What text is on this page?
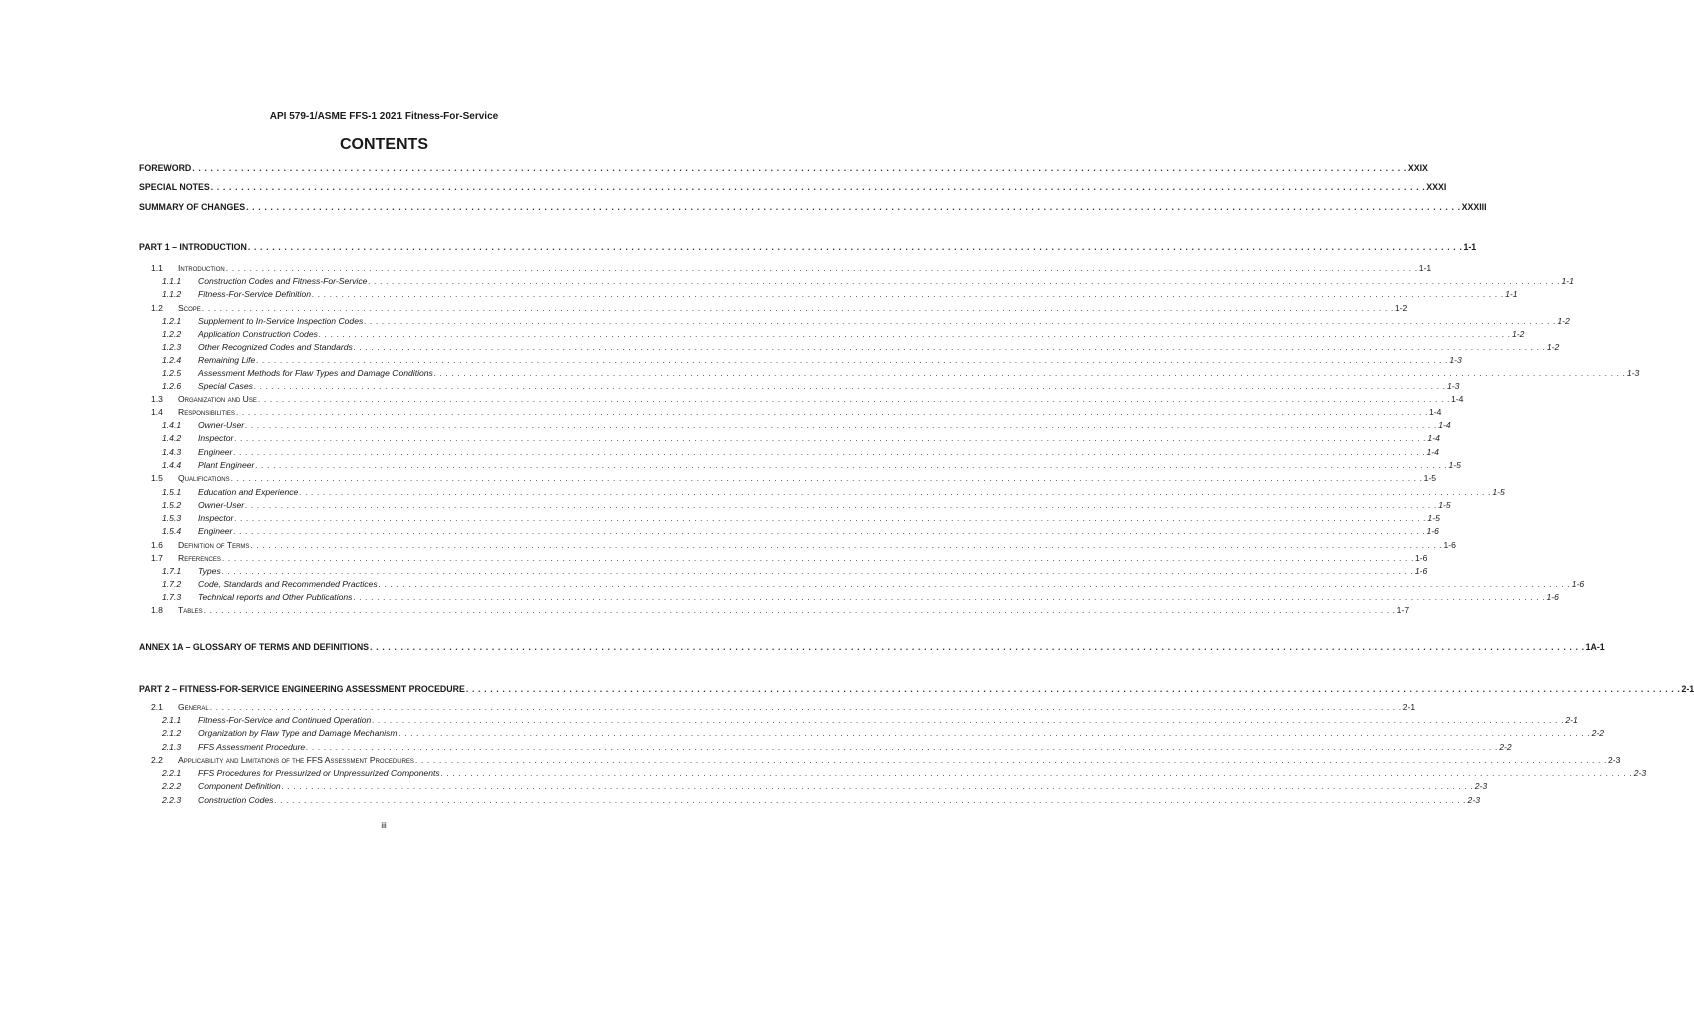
API 579-1/ASME FFS-1 2021 Fitness-For-Service
CONTENTS
FOREWORD . . . . . . . . . . . . . . . . . . . . . . . . . . . . . . . . . . . . . . . . . . . . . . . . . . . . . . . . . . . . . . . . . . . . . . . . . . . . . . . . . . . . . . . . . . . . . . . . . . . . . . . . . . . . . . . . . . . . . . . . . . . . . . . . . . . . . . . . . . . . . . . . . . . . . . . . . . . . . . . . . . . . . . . . . . . . . . . . . . . . . . . . . . . . . . . . . . . . . . . . XXIX
SPECIAL NOTES . . . . . . . . . . . . . . . . . . . . . . . . . . . . . . . . . . . . . . . . . . . . . . . . . . . . . . . . . . . . . . . . . . . . . . . . . . . . . . . . . . . . . . . . . . . . . . . . . . . . . . . . . . . . . . . . . . . . . . . . . . . . . . . . . . . . . . . . . . . . . . . . . . . . . . . . . . . . . . . . . . . . . . . . . . . . . . . . . . . . . . . . . . . . . . . . . . . . . . . . XXXI
SUMMARY OF CHANGES . . . . . . . . . . . . . . . . . . . . . . . . . . . . . . . . . . . . . . . . . . . . . . . . . . . . . . . . . . . . . . . . . . . . . . . . . . . . . . . . . . . . . . . . . . . . . . . . . . . . . . . . . . . . . . . . . . . . . . . . . . . . . . . . . . . . . . . . . . . . . . . . . . . . . . . . . . . . . . . . . . . . . . . . . . . . . . . . . . . . . . . . . . . . . . . . . . . . . . . . XXXIII
PART 1 – INTRODUCTION . . . . . . . . . . . . . . . . . . . . . . . . . . . . . . . . . . . . . . . . . . . . . . . . . . . . . . . . . . . . . . . . . . . . . . . . . . . . . . . . . . . . . . . . . . . . . . . . . . . . . . . . . . . . . . . . . . . . . . . . . . . . . . . . . . . . . . . . . . . . . . . . . . . . . . . . . . . . . . . . . . . . . . . . . . . . . . . . . . . . . . . . . . . . . . . . . . . . . . . . 1-1
1.1 Introduction . . . . . . . . . . . . . . . . . . . . . . . . . . . . . . . . . . . . . . . . . . . . . . . . . . . . . . . . . . . . . . . . . . . . . . . . . . . . . . . . . . . . . . . . . . . . . . . . . . . . . . . . . . . . . . . . . . . . . . . . . . . . . . . . . . . . . . . . . . . . . . . . . . . . . . . . . . . . . . . . . . . . . . . . . . . . . . . . . . . . . . . . . . . . . . . . . . . . . . . . 1-1
1.1.1 Construction Codes and Fitness-For-Service . . . . . . . . . . . . . . . . . . . . . . . . . . . . . . . . . . . . . . . . . . . . . . . . . . . . . . . . . . . . . . . . . . . . . . . . . . . . . . . . . . . . . . . . . . . . . . . . . . . . . . . . . . . . . . . . . . . . . . . . . . . . . . . . . . . . . . . . . . . . . . . . . . . . . . . . . . . . . . . . . . . . . . . . . . . . . . . . . . . . . . . . . . . . . . . . . . . . . . . . 1-1
1.1.2 Fitness-For-Service Definition . . . . . . . . . . . . . . . . . . . . . . . . . . . . . . . . . . . . . . . . . . . . . . . . . . . . . . . . . . . . . . . . . . . . . . . . . . . . . . . . . . . . . . . . . . . . . . . . . . . . . . . . . . . . . . . . . . . . . . . . . . . . . . . . . . . . . . . . . . . . . . . . . . . . . . . . . . . . . . . . . . . . . . . . . . . . . . . . . . . . . . . . . . . . . . . . . . . . . . . . 1-1
1.2 Scope . . . . . . . . . . . . . . . . . . . . . . . . . . . . . . . . . . . . . . . . . . . . . . . . . . . . . . . . . . . . . . . . . . . . . . . . . . . . . . . . . . . . . . . . . . . . . . . . . . . . . . . . . . . . . . . . . . . . . . . . . . . . . . . . . . . . . . . . . . . . . . . . . . . . . . . . . . . . . . . . . . . . . . . . . . . . . . . . . . . . . . . . . . . . . . . . . . . . . . . . 1-2
1.2.1 Supplement to In-Service Inspection Codes . . . . . . . . . . . . . . . . . . . . . . . . . . . . . . . . . . . . . . . . . . . . . . . . . . . . . . . . . . . . . . . . . . . . . . . . . . . . . . . . . . . . . . . . . . . . . . . . . . . . . . . . . . . . . . . . . . . . . . . . . . . . . . . . . . . . . . . . . . . . . . . . . . . . . . . . . . . . . . . . . . . . . . . . . . . . . . . . . . . . . . . . . . . . . . . . . . . . . . . . 1-2
1.2.2 Application Construction Codes . . . . . . . . . . . . . . . . . . . . . . . . . . . . . . . . . . . . . . . . . . . . . . . . . . . . . . . . . . . . . . . . . . . . . . . . . . . . . . . . . . . . . . . . . . . . . . . . . . . . . . . . . . . . . . . . . . . . . . . . . . . . . . . . . . . . . . . . . . . . . . . . . . . . . . . . . . . . . . . . . . . . . . . . . . . . . . . . . . . . . . . . . . . . . . . . . . . . . . . . 1-2
1.2.3 Other Recognized Codes and Standards . . . . . . . . . . . . . . . . . . . . . . . . . . . . . . . . . . . . . . . . . . . . . . . . . . . . . . . . . . . . . . . . . . . . . . . . . . . . . . . . . . . . . . . . . . . . . . . . . . . . . . . . . . . . . . . . . . . . . . . . . . . . . . . . . . . . . . . . . . . . . . . . . . . . . . . . . . . . . . . . . . . . . . . . . . . . . . . . . . . . . . . . . . . . . . . . . . . . . . . . 1-2
1.2.4 Remaining Life . . . . . . . . . . . . . . . . . . . . . . . . . . . . . . . . . . . . . . . . . . . . . . . . . . . . . . . . . . . . . . . . . . . . . . . . . . . . . . . . . . . . . . . . . . . . . . . . . . . . . . . . . . . . . . . . . . . . . . . . . . . . . . . . . . . . . . . . . . . . . . . . . . . . . . . . . . . . . . . . . . . . . . . . . . . . . . . . . . . . . . . . . . . . . . . . . . . . . . . . 1-3
1.2.5 Assessment Methods for Flaw Types and Damage Conditions . . . . . . . . . . . . . . . . . . . . . . . . . . . . . . . . . . . . . . . . . . . . . . . . . . . . . . . . . . . . . . . . . . . . . . . . . . . . . . . . . . . . . . . . . . . . . . . . . . . . . . . . . . . . . . . . . . . . . . . . . . . . . . . . . . . . . . . . . . . . . . . . . . . . . . . . . . . . . . . . . . . . . . . . . . . . . . . . . . . . . . . . . . . . . . . . . . . . . . . . 1-3
1.2.6 Special Cases . . . . . . . . . . . . . . . . . . . . . . . . . . . . . . . . . . . . . . . . . . . . . . . . . . . . . . . . . . . . . . . . . . . . . . . . . . . . . . . . . . . . . . . . . . . . . . . . . . . . . . . . . . . . . . . . . . . . . . . . . . . . . . . . . . . . . . . . . . . . . . . . . . . . . . . . . . . . . . . . . . . . . . . . . . . . . . . . . . . . . . . . . . . . . . . . . . . . . . . . 1-3
1.3 Organization and Use . . . . . . . . . . . . . . . . . . . . . . . . . . . . . . . . . . . . . . . . . . . . . . . . . . . . . . . . . . . . . . . . . . . . . . . . . . . . . . . . . . . . . . . . . . . . . . . . . . . . . . . . . . . . . . . . . . . . . . . . . . . . . . . . . . . . . . . . . . . . . . . . . . . . . . . . . . . . . . . . . . . . . . . . . . . . . . . . . . . . . . . . . . . . . . . . . . . . . . . . 1-4
1.4 Responsibilities . . . . . . . . . . . . . . . . . . . . . . . . . . . . . . . . . . . . . . . . . . . . . . . . . . . . . . . . . . . . . . . . . . . . . . . . . . . . . . . . . . . . . . . . . . . . . . . . . . . . . . . . . . . . . . . . . . . . . . . . . . . . . . . . . . . . . . . . . . . . . . . . . . . . . . . . . . . . . . . . . . . . . . . . . . . . . . . . . . . . . . . . . . . . . . . . . . . . . . . . 1-4
1.4.1 Owner-User . . . . . . . . . . . . . . . . . . . . . . . . . . . . . . . . . . . . . . . . . . . . . . . . . . . . . . . . . . . . . . . . . . . . . . . . . . . . . . . . . . . . . . . . . . . . . . . . . . . . . . . . . . . . . . . . . . . . . . . . . . . . . . . . . . . . . . . . . . . . . . . . . . . . . . . . . . . . . . . . . . . . . . . . . . . . . . . . . . . . . . . . . . . . . . . . . . . . . . . . 1-4
1.4.2 Inspector . . . . . . . . . . . . . . . . . . . . . . . . . . . . . . . . . . . . . . . . . . . . . . . . . . . . . . . . . . . . . . . . . . . . . . . . . . . . . . . . . . . . . . . . . . . . . . . . . . . . . . . . . . . . . . . . . . . . . . . . . . . . . . . . . . . . . . . . . . . . . . . . . . . . . . . . . . . . . . . . . . . . . . . . . . . . . . . . . . . . . . . . . . . . . . . . . . . . . . . . 1-4
1.4.3 Engineer . . . . . . . . . . . . . . . . . . . . . . . . . . . . . . . . . . . . . . . . . . . . . . . . . . . . . . . . . . . . . . . . . . . . . . . . . . . . . . . . . . . . . . . . . . . . . . . . . . . . . . . . . . . . . . . . . . . . . . . . . . . . . . . . . . . . . . . . . . . . . . . . . . . . . . . . . . . . . . . . . . . . . . . . . . . . . . . . . . . . . . . . . . . . . . . . . . . . . . . . 1-4
1.4.4 Plant Engineer . . . . . . . . . . . . . . . . . . . . . . . . . . . . . . . . . . . . . . . . . . . . . . . . . . . . . . . . . . . . . . . . . . . . . . . . . . . . . . . . . . . . . . . . . . . . . . . . . . . . . . . . . . . . . . . . . . . . . . . . . . . . . . . . . . . . . . . . . . . . . . . . . . . . . . . . . . . . . . . . . . . . . . . . . . . . . . . . . . . . . . . . . . . . . . . . . . . . . . . . 1-5
1.5 Qualifications . . . . . . . . . . . . . . . . . . . . . . . . . . . . . . . . . . . . . . . . . . . . . . . . . . . . . . . . . . . . . . . . . . . . . . . . . . . . . . . . . . . . . . . . . . . . . . . . . . . . . . . . . . . . . . . . . . . . . . . . . . . . . . . . . . . . . . . . . . . . . . . . . . . . . . . . . . . . . . . . . . . . . . . . . . . . . . . . . . . . . . . . . . . . . . . . . . . . . . . . 1-5
1.5.1 Education and Experience . . . . . . . . . . . . . . . . . . . . . . . . . . . . . . . . . . . . . . . . . . . . . . . . . . . . . . . . . . . . . . . . . . . . . . . . . . . . . . . . . . . . . . . . . . . . . . . . . . . . . . . . . . . . . . . . . . . . . . . . . . . . . . . . . . . . . . . . . . . . . . . . . . . . . . . . . . . . . . . . . . . . . . . . . . . . . . . . . . . . . . . . . . . . . . . . . . . . . . . . 1-5
1.5.2 Owner-User . . . . . . . . . . . . . . . . . . . . . . . . . . . . . . . . . . . . . . . . . . . . . . . . . . . . . . . . . . . . . . . . . . . . . . . . . . . . . . . . . . . . . . . . . . . . . . . . . . . . . . . . . . . . . . . . . . . . . . . . . . . . . . . . . . . . . . . . . . . . . . . . . . . . . . . . . . . . . . . . . . . . . . . . . . . . . . . . . . . . . . . . . . . . . . . . . . . . . . . . 1-5
1.5.3 Inspector . . . . . . . . . . . . . . . . . . . . . . . . . . . . . . . . . . . . . . . . . . . . . . . . . . . . . . . . . . . . . . . . . . . . . . . . . . . . . . . . . . . . . . . . . . . . . . . . . . . . . . . . . . . . . . . . . . . . . . . . . . . . . . . . . . . . . . . . . . . . . . . . . . . . . . . . . . . . . . . . . . . . . . . . . . . . . . . . . . . . . . . . . . . . . . . . . . . . . . . . 1-5
1.5.4 Engineer . . . . . . . . . . . . . . . . . . . . . . . . . . . . . . . . . . . . . . . . . . . . . . . . . . . . . . . . . . . . . . . . . . . . . . . . . . . . . . . . . . . . . . . . . . . . . . . . . . . . . . . . . . . . . . . . . . . . . . . . . . . . . . . . . . . . . . . . . . . . . . . . . . . . . . . . . . . . . . . . . . . . . . . . . . . . . . . . . . . . . . . . . . . . . . . . . . . . . . . . 1-6
1.6 Definition of Terms . . . . . . . . . . . . . . . . . . . . . . . . . . . . . . . . . . . . . . . . . . . . . . . . . . . . . . . . . . . . . . . . . . . . . . . . . . . . . . . . . . . . . . . . . . . . . . . . . . . . . . . . . . . . . . . . . . . . . . . . . . . . . . . . . . . . . . . . . . . . . . . . . . . . . . . . . . . . . . . . . . . . . . . . . . . . . . . . . . . . . . . . . . . . . . . . . . . . . . . . 1-6
1.7 References . . . . . . . . . . . . . . . . . . . . . . . . . . . . . . . . . . . . . . . . . . . . . . . . . . . . . . . . . . . . . . . . . . . . . . . . . . . . . . . . . . . . . . . . . . . . . . . . . . . . . . . . . . . . . . . . . . . . . . . . . . . . . . . . . . . . . . . . . . . . . . . . . . . . . . . . . . . . . . . . . . . . . . . . . . . . . . . . . . . . . . . . . . . . . . . . . . . . . . . . 1-6
1.7.1 Types . . . . . . . . . . . . . . . . . . . . . . . . . . . . . . . . . . . . . . . . . . . . . . . . . . . . . . . . . . . . . . . . . . . . . . . . . . . . . . . . . . . . . . . . . . . . . . . . . . . . . . . . . . . . . . . . . . . . . . . . . . . . . . . . . . . . . . . . . . . . . . . . . . . . . . . . . . . . . . . . . . . . . . . . . . . . . . . . . . . . . . . . . . . . . . . . . . . . . . . . 1-6
1.7.2 Code, Standards and Recommended Practices . . . . . . . . . . . . . . . . . . . . . . . . . . . . . . . . . . . . . . . . . . . . . . . . . . . . . . . . . . . . . . . . . . . . . . . . . . . . . . . . . . . . . . . . . . . . . . . . . . . . . . . . . . . . . . . . . . . . . . . . . . . . . . . . . . . . . . . . . . . . . . . . . . . . . . . . . . . . . . . . . . . . . . . . . . . . . . . . . . . . . . . . . . . . . . . . . . . . . . . . 1-6
1.7.3 Technical reports and Other Publications . . . . . . . . . . . . . . . . . . . . . . . . . . . . . . . . . . . . . . . . . . . . . . . . . . . . . . . . . . . . . . . . . . . . . . . . . . . . . . . . . . . . . . . . . . . . . . . . . . . . . . . . . . . . . . . . . . . . . . . . . . . . . . . . . . . . . . . . . . . . . . . . . . . . . . . . . . . . . . . . . . . . . . . . . . . . . . . . . . . . . . . . . . . . . . . . . . . . . . . . 1-6
1.8 Tables . . . . . . . . . . . . . . . . . . . . . . . . . . . . . . . . . . . . . . . . . . . . . . . . . . . . . . . . . . . . . . . . . . . . . . . . . . . . . . . . . . . . . . . . . . . . . . . . . . . . . . . . . . . . . . . . . . . . . . . . . . . . . . . . . . . . . . . . . . . . . . . . . . . . . . . . . . . . . . . . . . . . . . . . . . . . . . . . . . . . . . . . . . . . . . . . . . . . . . . . 1-7
ANNEX 1A – GLOSSARY OF TERMS AND DEFINITIONS . . . . . . . . . . . . . . . . . . . . . . . . . . . . . . . . . . . . . . . . . . . . . . . . . . . . . . . . . . . . . . . . . . . . . . . . . . . . . . . . . . . . . . . . . . . . . . . . . . . . . . . . . . . . . . . . . . . . . . . . . . . . . . . . . . . . . . . . . . . . . . . . . . . . . . . . . . . . . . . . . . . . . . . . . . . . . . . . . . . . . . . . . . . . . . . . . . . . . . . . 1A-1
PART 2 – FITNESS-FOR-SERVICE ENGINEERING ASSESSMENT PROCEDURE . . . . . . . . . . . . . . . . . . . . . . . . . . . . . . . . . . . . . . . . . . . . . . . . . . . . . . . . . . . . . . . . . . . . . . . . . . . . . . . . . . . . . . . . . . . . . . . . . . . . . . . . . . . . . . . . . . . . . . . . . . . . . . . . . . . . . . . . . . . . . . . . . . . . . . . . . . . . . . . . . . . . . . . . . . . . . . . . . . . . . . . . . . . . . . . . . . . . . . . . 2-1
2.1 General . . . . . . . . . . . . . . . . . . . . . . . . . . . . . . . . . . . . . . . . . . . . . . . . . . . . . . . . . . . . . . . . . . . . . . . . . . . . . . . . . . . . . . . . . . . . . . . . . . . . . . . . . . . . . . . . . . . . . . . . . . . . . . . . . . . . . . . . . . . . . . . . . . . . . . . . . . . . . . . . . . . . . . . . . . . . . . . . . . . . . . . . . . . . . . . . . . . . . . . . 2-1
2.1.1 Fitness-For-Service and Continued Operation . . . . . . . . . . . . . . . . . . . . . . . . . . . . . . . . . . . . . . . . . . . . . . . . . . . . . . . . . . . . . . . . . . . . . . . . . . . . . . . . . . . . . . . . . . . . . . . . . . . . . . . . . . . . . . . . . . . . . . . . . . . . . . . . . . . . . . . . . . . . . . . . . . . . . . . . . . . . . . . . . . . . . . . . . . . . . . . . . . . . . . . . . . . . . . . . . . . . . . . . 2-1
2.1.2 Organization by Flaw Type and Damage Mechanism . . . . . . . . . . . . . . . . . . . . . . . . . . . . . . . . . . . . . . . . . . . . . . . . . . . . . . . . . . . . . . . . . . . . . . . . . . . . . . . . . . . . . . . . . . . . . . . . . . . . . . . . . . . . . . . . . . . . . . . . . . . . . . . . . . . . . . . . . . . . . . . . . . . . . . . . . . . . . . . . . . . . . . . . . . . . . . . . . . . . . . . . . . . . . . . . . . . . . . . . 2-2
2.1.3 FFS Assessment Procedure . . . . . . . . . . . . . . . . . . . . . . . . . . . . . . . . . . . . . . . . . . . . . . . . . . . . . . . . . . . . . . . . . . . . . . . . . . . . . . . . . . . . . . . . . . . . . . . . . . . . . . . . . . . . . . . . . . . . . . . . . . . . . . . . . . . . . . . . . . . . . . . . . . . . . . . . . . . . . . . . . . . . . . . . . . . . . . . . . . . . . . . . . . . . . . . . . . . . . . . . 2-2
2.2 Applicability and Limitations of the FFS Assessment Procedures . . . . . . . . . . . . . . . . . . . . . . . . . . . . . . . . . . . . . . . . . . . . . . . . . . . . . . . . . . . . . . . . . . . . . . . . . . . . . . . . . . . . . . . . . . . . . . . . . . . . . . . . . . . . . . . . . . . . . . . . . . . . . . . . . . . . . . . . . . . . . . . . . . . . . . . . . . . . . . . . . . . . . . . . . . . . . . . . . . . . . . . . . . . . . . . . . . . . . . . . 2-3
2.2.1 FFS Procedures for Pressurized or Unpressurized Components . . . . . . . . . . . . . . . . . . . . . . . . . . . . . . . . . . . . . . . . . . . . . . . . . . . . . . . . . . . . . . . . . . . . . . . . . . . . . . . . . . . . . . . . . . . . . . . . . . . . . . . . . . . . . . . . . . . . . . . . . . . . . . . . . . . . . . . . . . . . . . . . . . . . . . . . . . . . . . . . . . . . . . . . . . . . . . . . . . . . . . . . . . . . . . . . . . . . . . . . 2-3
2.2.2 Component Definition . . . . . . . . . . . . . . . . . . . . . . . . . . . . . . . . . . . . . . . . . . . . . . . . . . . . . . . . . . . . . . . . . . . . . . . . . . . . . . . . . . . . . . . . . . . . . . . . . . . . . . . . . . . . . . . . . . . . . . . . . . . . . . . . . . . . . . . . . . . . . . . . . . . . . . . . . . . . . . . . . . . . . . . . . . . . . . . . . . . . . . . . . . . . . . . . . . . . . . . . 2-3
2.2.3 Construction Codes . . . . . . . . . . . . . . . . . . . . . . . . . . . . . . . . . . . . . . . . . . . . . . . . . . . . . . . . . . . . . . . . . . . . . . . . . . . . . . . . . . . . . . . . . . . . . . . . . . . . . . . . . . . . . . . . . . . . . . . . . . . . . . . . . . . . . . . . . . . . . . . . . . . . . . . . . . . . . . . . . . . . . . . . . . . . . . . . . . . . . . . . . . . . . . . . . . . . . . . . 2-3
iii
